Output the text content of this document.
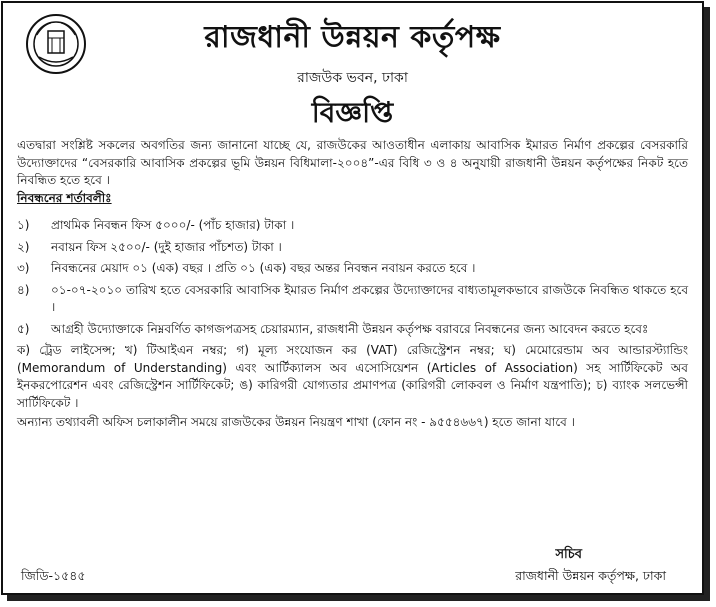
রাজধানী উন্নয়ন কর্তৃপক্ষ
রাজউক ভবন, ঢাকা
বিজ্ঞপ্তি

এতদ্বারা সংশ্লিষ্ট সকলের অবগতির জন্য জানানো যাচ্ছে যে, রাজউকের আওতাধীন এলাকায় আবাসিক ইমারত নির্মাণ প্রকল্পের বেসরকারি উদ্যোক্তাদের “বেসরকারি আবাসিক প্রকল্পের ভূমি উন্নয়ন বিধিমালা-২০০৪”-এর বিধি ৩ ও ৪ অনুযায়ী রাজধানী উন্নয়ন কর্তৃপক্ষের নিকট হতে নিবন্ধিত হতে হবে ।

নিবন্ধনের শর্তাবলীঃ
১)	প্রাথমিক নিবন্ধন ফিস ৫০০০/- (পাঁচ হাজার) টাকা ।
২)	নবায়ন ফিস ২৫০০/- (দুই হাজার পাঁচশত) টাকা ।
৩)	নিবন্ধনের মেয়াদ ০১ (এক) বছর । প্রতি ০১ (এক) বছর অন্তর নিবন্ধন নবায়ন করতে হবে ।
৪)	০১-০৭-২০১০ তারিখ হতে বেসরকারি আবাসিক ইমারত নির্মাণ প্রকল্পের উদ্যোক্তাদের বাধ্যতামূলকভাবে রাজউকে নিবন্ধিত থাকতে হবে ।
৫)	আগ্রহী উদ্যোক্তাকে নিম্নবর্ণিত কাগজপত্রসহ চেয়ারম্যান, রাজধানী উন্নয়ন কর্তৃপক্ষ বরাবরে নিবন্ধনের জন্য আবেদন করতে হবেঃ

ক) ট্রেড লাইসেন্স; খ) টিআইএন নম্বর; গ) মূল্য সংযোজন কর (VAT) রেজিস্ট্রেশন নম্বর; ঘ) মেমোরেন্ডাম অব আন্ডারস্ট্যান্ডিং (Memorandum of Understanding) এবং আর্টিক্যালস অব এসোসিয়েশন (Articles of Association) সহ সার্টিফিকেট অব ইনকরপোরেশন এবং রেজিস্ট্রেশন সার্টিফিকেট; ঙ) কারিগরী যোগ্যতার প্রমাণপত্র (কারিগরী লোকবল ও নির্মাণ যন্ত্রপাতি); চ) ব্যাংক সলভেন্সী সার্টিফিকেট ।

অন্যান্য তথ্যাবলী অফিস চলাকালীন সময়ে রাজউকের উন্নয়ন নিয়ন্ত্রণ শাখা (ফোন নং - ৯৫৫৪৬৬৭) হতে জানা যাবে ।

সচিব
রাজধানী উন্নয়ন কর্তৃপক্ষ, ঢাকা
জিডি-১৫৪৫
